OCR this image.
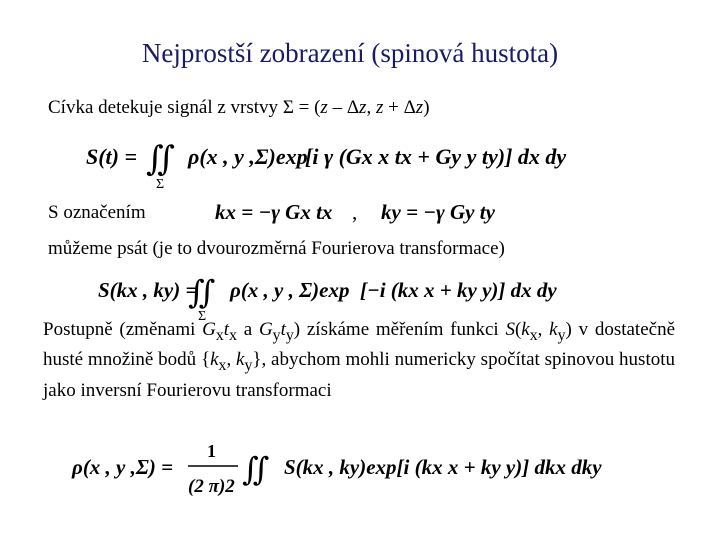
Nejprostší zobrazení (spinová hustota)
Cívka detekuje signál z vrstvy Σ = (z – Δz, z + Δz)
S(t) = ∬
Σ
ρ(x , y ,Σ)exp
[i γ (Gx x tx + Gy y ty)] dx dy
S označením	kx = −γ Gx tx , ky = −γ Gy ty
můžeme psát (je to dvourozměrná Fourierova transformace)
S(kx , ky) =
∬
Σ
ρ(x , y , Σ)exp [−i (kx x + ky y)] dx dy
Postupně (změnami $G_xt_x$ a $G_yt_y$) získáme měřením funkci $S(k_x$, $k_y$) v dostatečně husté množině bodů {$k_x$, $k_y$}, abychom mohli numericky spočítat spinovou hustotu jako inversní Fourierovu transformaci
ρ(x , y ,Σ) =
1
(2 π)2 ∬ S(kx , ky)exp[i (kx x + ky y)] dkx dky
